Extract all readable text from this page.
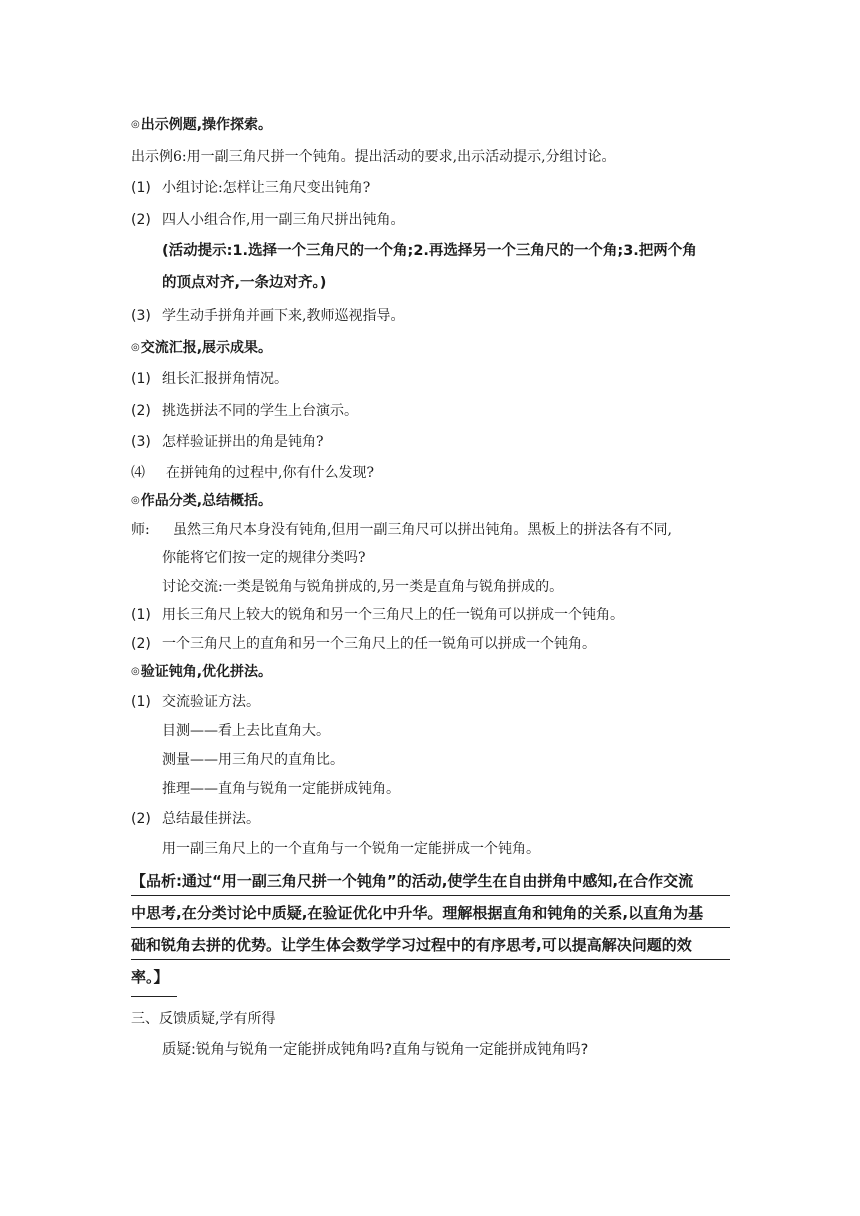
◎出示例题,操作探索。
出示例6:用一副三角尺拼一个钝角。提出活动的要求,出示活动提示,分组讨论。
(1) 小组讨论:怎样让三角尺变出钝角?
(2) 四人小组合作,用一副三角尺拼出钝角。
(活动提示:1.选择一个三角尺的一个角;2.再选择另一个三角尺的一个角;3.把两个角
的顶点对齐,一条边对齐。)
(3) 学生动手拼角并画下来,教师巡视指导。
◎交流汇报,展示成果。
(1) 组长汇报拼角情况。
(2) 挑选拼法不同的学生上台演示。
(3) 怎样验证拼出的角是钝角?
⑷ 在拼钝角的过程中,你有什么发现?
◎作品分类,总结概括。
师: 虽然三角尺本身没有钝角,但用一副三角尺可以拼出钝角。黑板上的拼法各有不同,
你能将它们按一定的规律分类吗?
讨论交流:一类是锐角与锐角拼成的,另一类是直角与锐角拼成的。
(1) 用长三角尺上较大的锐角和另一个三角尺上的任一锐角可以拼成一个钝角。
(2) 一个三角尺上的直角和另一个三角尺上的任一锐角可以拼成一个钝角。
◎验证钝角,优化拼法。
(1) 交流验证方法。
目测——看上去比直角大。
测量——用三角尺的直角比。
推理——直角与锐角一定能拼成钝角。
(2) 总结最佳拼法。
用一副三角尺上的一个直角与一个锐角一定能拼成一个钝角。
【品析:通过“用一副三角尺拼一个钝角”的活动,使学生在自由拼角中感知,在合作交流
中思考,在分类讨论中质疑,在验证优化中升华。理解根据直角和钝角的关系,以直角为基
础和锐角去拼的优势。让学生体会数学学习过程中的有序思考,可以提高解决问题的效
率。】
三、反馈质疑,学有所得
质疑:锐角与锐角一定能拼成钝角吗?直角与锐角一定能拼成钝角吗?
